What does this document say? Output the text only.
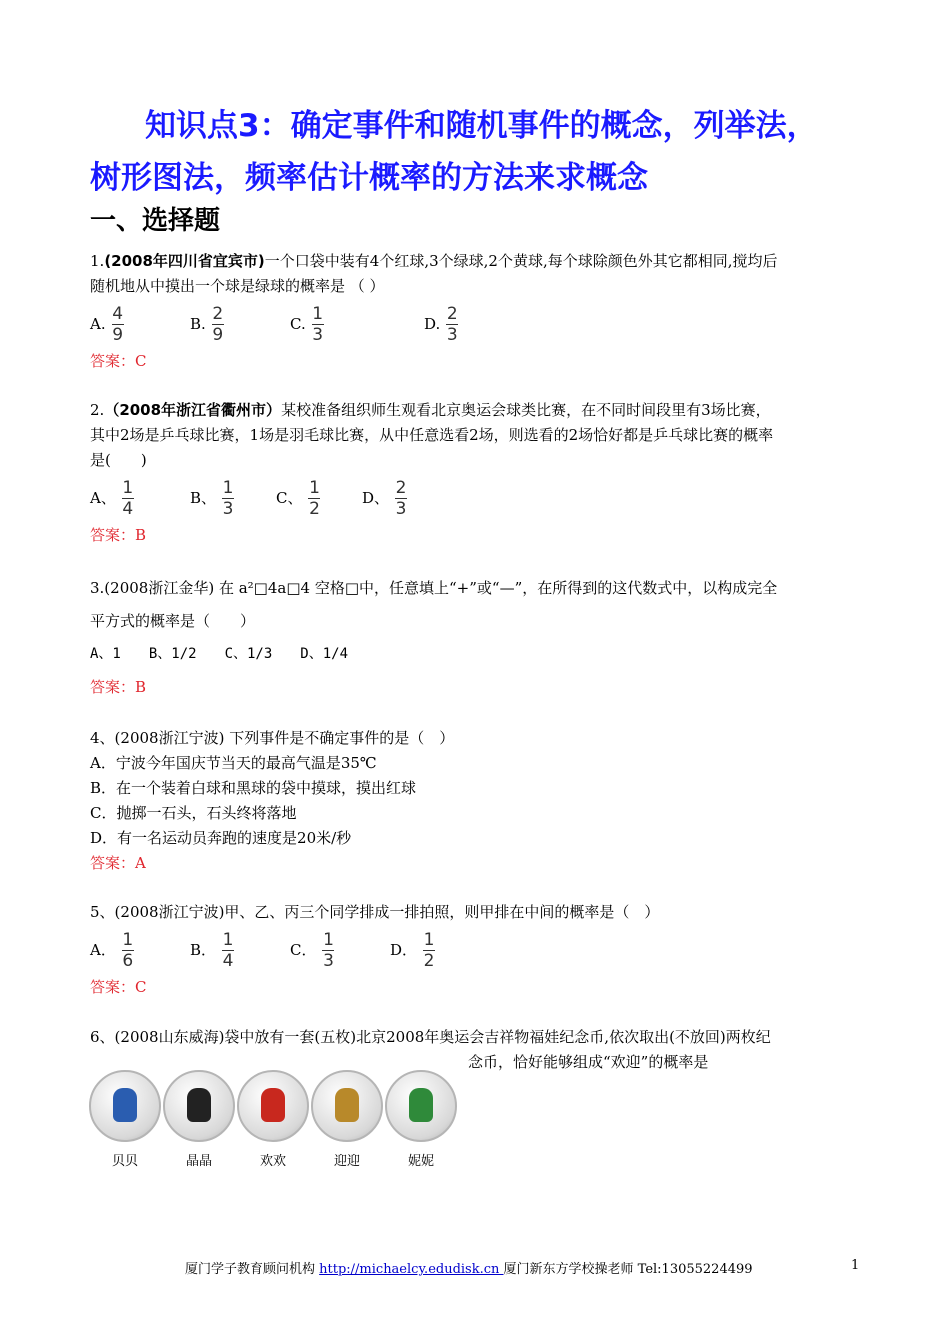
知识点3：确定事件和随机事件的概念，列举法，
树形图法，频率估计概率的方法来求概念
一、选择题

1.(2008年四川省宜宾市)一个口袋中装有4个红球,3个绿球,2个黄球,每个球除颜色外其它都相同,搅均后

随机地从中摸出一个球是绿球的概率是 （ ）

A. $\frac{4}{9}$	B. $\frac{2}{9}$	C. $\frac{1}{3}$	D. $\frac{2}{3}$

答案：C

2.（2008年浙江省衢州市）某校准备组织师生观看北京奥运会球类比赛，在不同时间段里有3场比赛，

其中2场是乒乓球比赛，1场是羽毛球比赛，从中任意选看2场，则选看的2场恰好都是乒乓球比赛的概率

是(　　)

A、 $\frac{1}{4}$	B、 $\frac{1}{3}$	C、 $\frac{1}{2}$	D、 $\frac{2}{3}$

答案：B

3.(2008浙江金华) 在 a²□4a□4 空格□中，任意填上“+”或“—”，在所得到的这代数式中，以构成完全

平方式的概率是（　　）

A、1　　B、1/2　　C、1/3　　D、1/4

答案：B

4、(2008浙江宁波) 下列事件是不确定事件的是（　）

A．宁波今年国庆节当天的最高气温是35℃

B．在一个装着白球和黑球的袋中摸球，摸出红球

C．抛掷一石头，石头终将落地

D．有一名运动员奔跑的速度是20米/秒

答案：A

5、(2008浙江宁波)甲、乙、丙三个同学排成一排拍照，则甲排在中间的概率是（　）

A． $\frac{1}{6}$	B． $\frac{1}{4}$	C． $\frac{1}{3}$	D． $\frac{1}{2}$

答案：C

6、(2008山东威海)袋中放有一套(五枚)北京2008年奥运会吉祥物福娃纪念币,依次取出(不放回)两枚纪

念币，恰好能够组成“欢迎”的概率是

贝贝	晶晶	欢欢	迎迎	妮妮
厦门学子教育顾问机构 http://michaelcy.edudisk.cn 厦门新东方学校操老师 Tel:13055224499	1
